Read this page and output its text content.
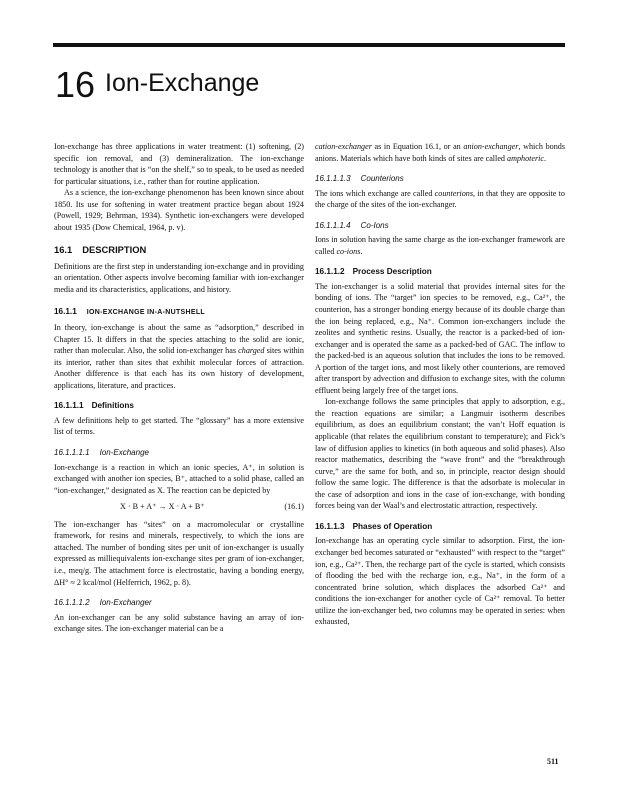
16 Ion-Exchange

Ion-exchange has three applications in water treatment: (1) softening, (2) specific ion removal, and (3) demineralization. The ion-exchange technology is another that is “on the shelf,” so to speak, to be used as needed for particular situations, i.e., rather than for routine application.

As a science, the ion-exchange phenomenon has been known since about 1850. Its use for softening in water treatment practice began about 1924 (Powell, 1929; Behrman, 1934). Synthetic ion-exchangers were developed about 1935 (Dow Chemical, 1964, p. v).

16.1 DESCRIPTION

Definitions are the first step in understanding ion-exchange and in providing an orientation. Other aspects involve becoming familiar with ion-exchanger media and its characteristics, applications, and history.

16.1.1 ION-EXCHANGE IN-A-NUTSHELL

In theory, ion-exchange is about the same as “adsorption,” described in Chapter 15. It differs in that the species attaching to the solid are ionic, rather than molecular. Also, the solid ion-exchanger has charged sites within its interior, rather than sites that exhibit molecular forces of attraction. Another difference is that each has its own history of development, applications, literature, and practices.

16.1.1.1 Definitions

A few definitions help to get started. The “glossary” has a more extensive list of terms.

16.1.1.1.1 Ion-Exchange

Ion-exchange is a reaction in which an ionic species, A⁺, in solution is exchanged with another ion species, B⁺, attached to a solid phase, called an “ion-exchanger,” designated as X. The reaction can be depicted by

X · B + A⁺ → X · A + B⁺	(16.1)

The ion-exchanger has “sites” on a macromolecular or crystalline framework, for resins and minerals, respectively, to which the ions are attached. The number of bonding sites per unit of ion-exchanger is usually expressed as milliequivalents ion-exchange sites per gram of ion-exchanger, i.e., meq/g. The attachment force is electrostatic, having a bonding energy, ΔH° ≈ 2 kcal/mol (Helferrich, 1962, p. 8).

16.1.1.1.2 Ion-Exchanger

An ion-exchanger can be any solid substance having an array of ion-exchange sites. The ion-exchanger material can be a

cation-exchanger as in Equation 16.1, or an anion-exchanger, which bonds anions. Materials which have both kinds of sites are called amphoteric.

16.1.1.1.3 Counterions

The ions which exchange are called counterions, in that they are opposite to the charge of the sites of the ion-exchanger.

16.1.1.1.4 Co-Ions

Ions in solution having the same charge as the ion-exchanger framework are called co-ions.

16.1.1.2 Process Description

The ion-exchanger is a solid material that provides internal sites for the bonding of ions. The “target” ion species to be removed, e.g., Ca²⁺, the counterion, has a stronger bonding energy because of its double charge than the ion being replaced, e.g., Na⁺. Common ion-exchangers include the zeolites and synthetic resins. Usually, the reactor is a packed-bed of ion-exchanger and is operated the same as a packed-bed of GAC. The inflow to the packed-bed is an aqueous solution that includes the ions to be removed. A portion of the target ions, and most likely other counterions, are removed after transport by advection and diffusion to exchange sites, with the column effluent being largely free of the target ions.

Ion-exchange follows the same principles that apply to adsorption, e.g., the reaction equations are similar; a Langmuir isotherm describes equilibrium, as does an equilibrium constant; the van’t Hoff equation is applicable (that relates the equilibrium constant to temperature); and Fick’s law of diffusion applies to kinetics (in both aqueous and solid phases). Also reactor mathematics, describing the “wave front” and the “breakthrough curve,” are the same for both, and so, in principle, reactor design should follow the same logic. The difference is that the adsorbate is molecular in the case of adsorption and ions in the case of ion-exchange, with bonding forces being van der Waal’s and electrostatic attraction, respectively.

16.1.1.3 Phases of Operation

Ion-exchange has an operating cycle similar to adsorption. First, the ion-exchanger bed becomes saturated or “exhausted” with respect to the “target” ion, e.g., Ca²⁺. Then, the recharge part of the cycle is started, which consists of flooding the bed with the recharge ion, e.g., Na⁺, in the form of a concentrated brine solution, which displaces the adsorbed Ca²⁺ and conditions the ion-exchanger for another cycle of Ca²⁺ removal. To better utilize the ion-exchanger bed, two columns may be operated in series: when exhausted,

511
